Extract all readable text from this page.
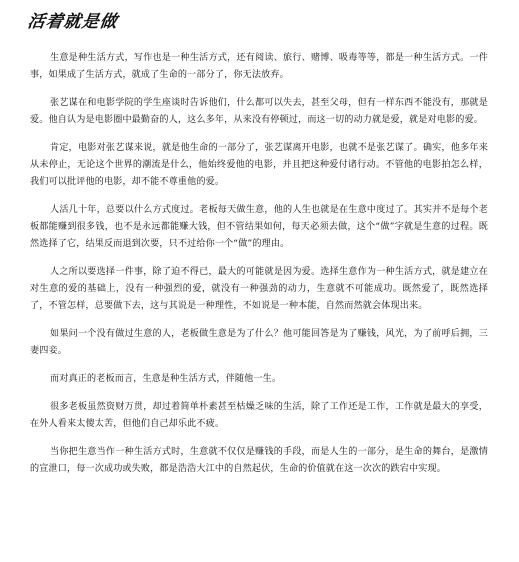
活着就是做

生意是种生活方式，写作也是一种生活方式，还有阅读、旅行、赌博、吸毒等等，都是一种生活方式。一件事，如果成了生活方式，就成了生命的一部分了，你无法放弃。

张艺谋在和电影学院的学生座谈时告诉他们，什么都可以失去，甚至父母，但有一样东西不能没有，那就是爱。他自认为是电影圈中最勤奋的人，这么多年，从来没有停顿过，而这一切的动力就是爱，就是对电影的爱。

肯定，电影对张艺谋来说，就是他生命的一部分了，张艺谋离开电影，也就不是张艺谋了。确实，他多年来从未停止，无论这个世界的潮流是什么，他始终爱他的电影，并且把这种爱付诸行动。不管他的电影拍怎么样，我们可以批评他的电影，却不能不尊重他的爱。

人活几十年，总要以什么方式度过。老板每天做生意，他的人生也就是在生意中度过了。其实并不是每个老板都能赚到很多钱，也不是永远都能赚大钱，但不管结果如何，每天必须去做，这个“做”字就是生意的过程。既然选择了它，结果反而退到次要，只不过给你一个“做”的理由。

人之所以要选择一件事，除了迫不得已，最大的可能就是因为爱。选择生意作为一种生活方式，就是建立在对生意的爱的基础上，没有一种强烈的爱，就没有一种强劲的动力，生意就不可能成功。既然爱了，既然选择了，不管怎样，总要做下去，这与其说是一种理性，不如说是一种本能，自然而然就会体现出来。

如果问一个没有做过生意的人，老板做生意是为了什么？他可能回答是为了赚钱，风光，为了前呼后拥，三妻四妾。

而对真正的老板而言，生意是种生活方式，伴随他一生。

很多老板虽然资财万贯，却过着简单朴素甚至枯燥乏味的生活，除了工作还是工作，工作就是最大的享受，在外人看来太傻太苦，但他们自己却乐此不疲。

当你把生意当作一种生活方式时，生意就不仅仅是赚钱的手段，而是人生的一部分，是生命的舞台，是激情的宣泄口，每一次成功或失败，都是浩浩大江中的自然起伏，生命的价值就在这一次次的跌宕中实现。
